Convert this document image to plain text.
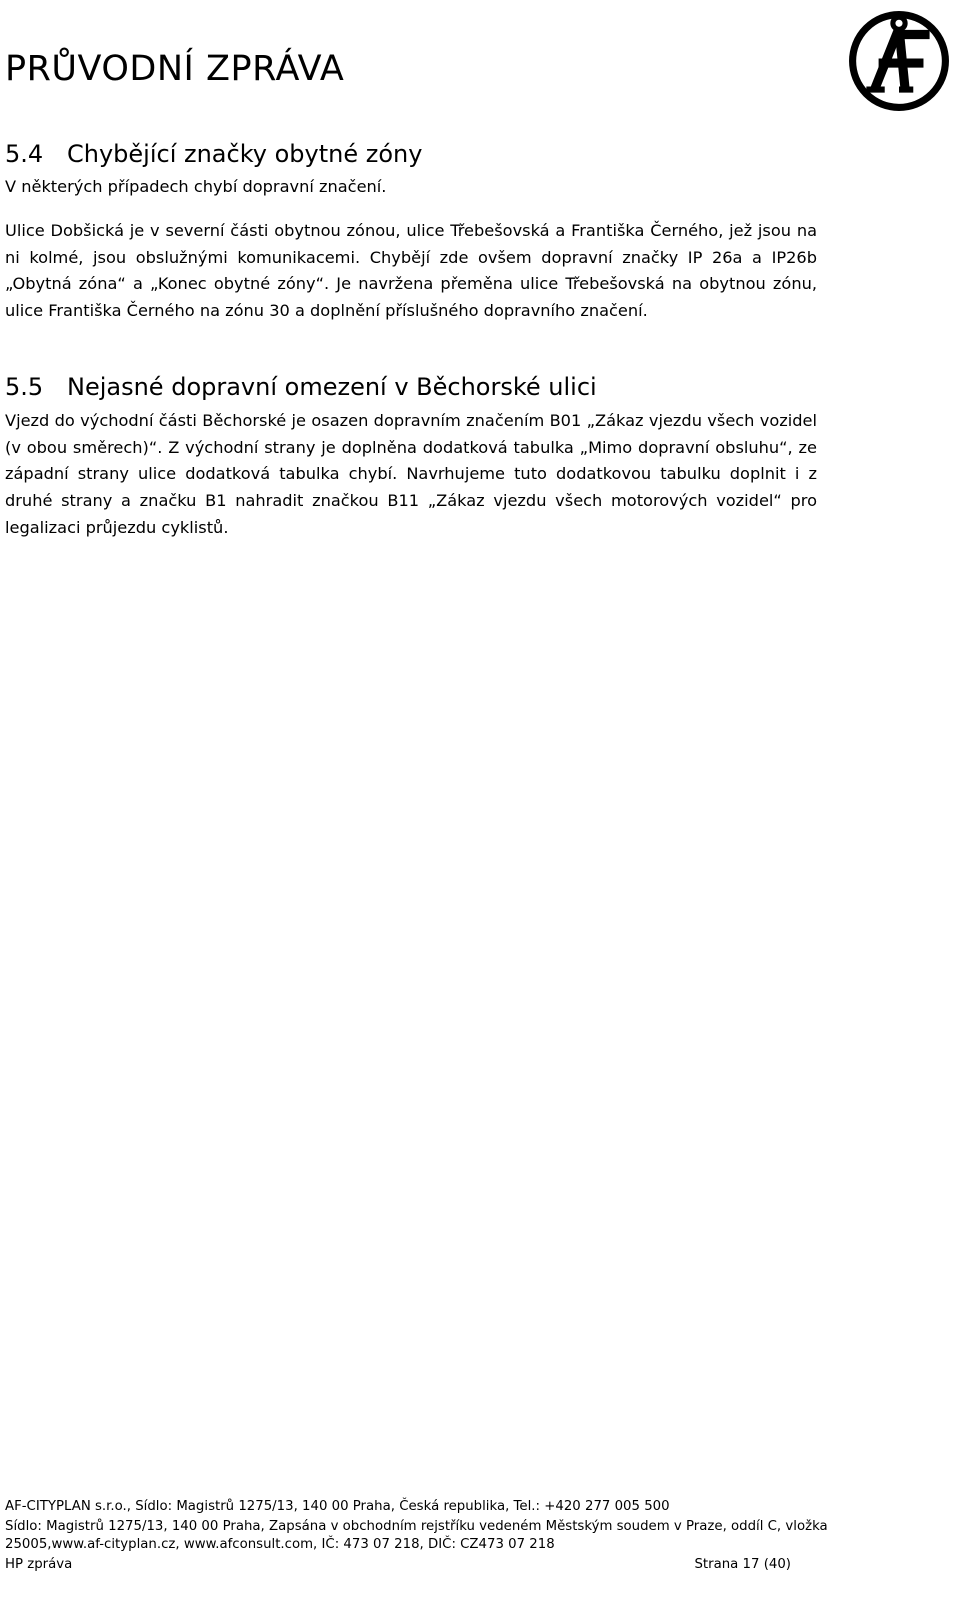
PRŮVODNÍ ZPRÁVA
5.4 Chybějící značky obytné zóny

V některých případech chybí dopravní značení.

Ulice Dobšická je v severní části obytnou zónou, ulice Třebešovská a Františka Černého, jež jsou na ni kolmé, jsou obslužnými komunikacemi. Chybějí zde ovšem dopravní značky IP 26a a IP26b „Obytná zóna“ a „Konec obytné zóny“. Je navržena přeměna ulice Třebešovská na obytnou zónu, ulice Františka Černého na zónu 30 a doplnění příslušného dopravního značení.

5.5 Nejasné dopravní omezení v Běchorské ulici

Vjezd do východní části Běchorské je osazen dopravním značením B01 „Zákaz vjezdu všech vozidel (v obou směrech)“. Z východní strany je doplněna dodatková tabulka „Mimo dopravní obsluhu“, ze západní strany ulice dodatková tabulka chybí. Navrhujeme tuto dodatkovou tabulku doplnit i z druhé strany a značku B1 nahradit značkou B11 „Zákaz vjezdu všech motorových vozidel“ pro legalizaci průjezdu cyklistů.

AF-CITYPLAN s.r.o., Sídlo: Magistrů 1275/13, 140 00 Praha, Česká republika, Tel.: +420 277 005 500
Sídlo: Magistrů 1275/13, 140 00 Praha, Zapsána v obchodním rejstříku vedeném Městským soudem v Praze, oddíl C, vložka
25005,www.af-cityplan.cz, www.afconsult.com, IČ: 473 07 218, DIČ: CZ473 07 218
HP zpráva	Strana 17 (40)
